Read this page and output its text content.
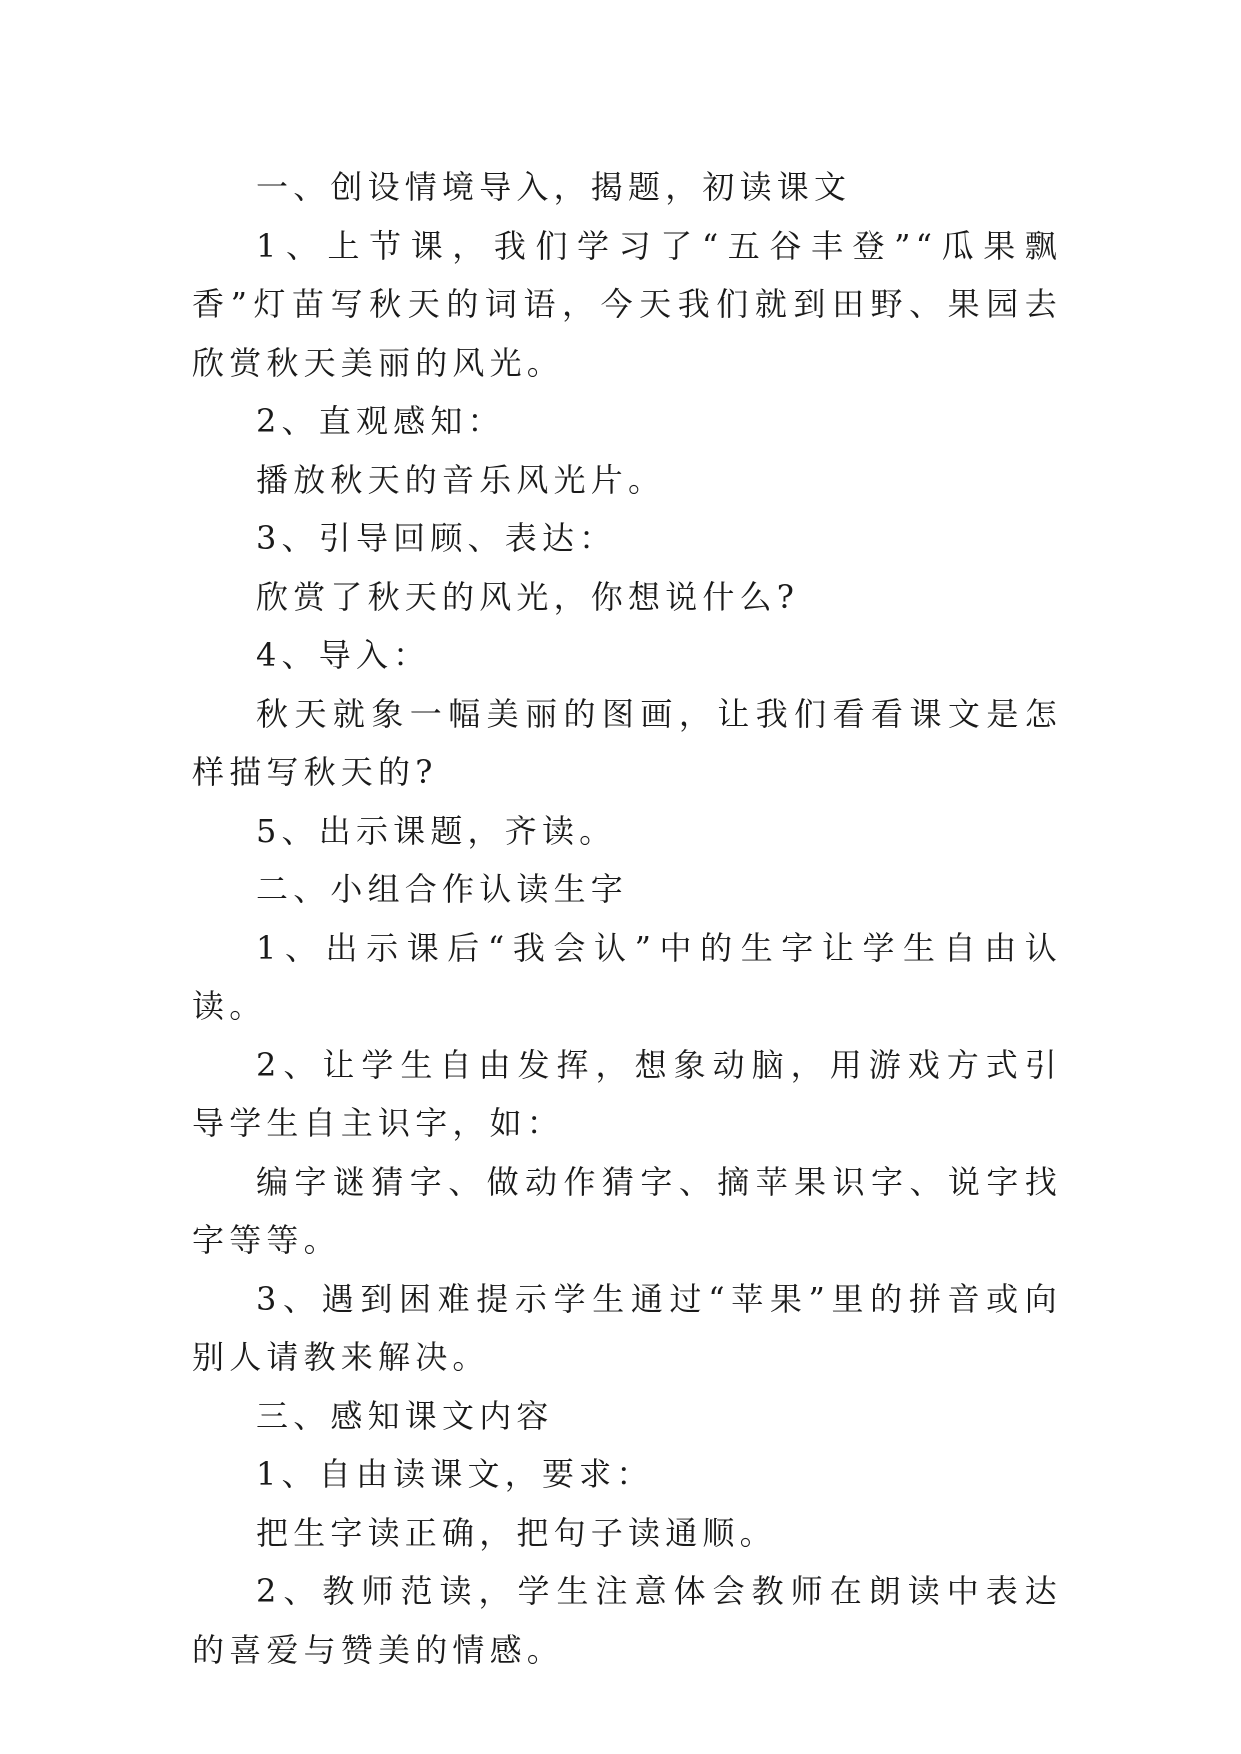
一、创设情境导入，揭题，初读课文

1、上节课，我们学习了“五谷丰登”“瓜果飘香”灯苗写秋天的词语，今天我们就到田野、果园去欣赏秋天美丽的风光。

2、直观感知：

播放秋天的音乐风光片。

3、引导回顾、表达：

欣赏了秋天的风光，你想说什么?

4、导入：

秋天就象一幅美丽的图画，让我们看看课文是怎样描写秋天的?

5、出示课题，齐读。

二、小组合作认读生字

1、出示课后“我会认”中的生字让学生自由认读。

2、让学生自由发挥，想象动脑，用游戏方式引导学生自主识字，如：

编字谜猜字、做动作猜字、摘苹果识字、说字找字等等。

3、遇到困难提示学生通过“苹果”里的拼音或向别人请教来解决。

三、感知课文内容

1、自由读课文，要求：

把生字读正确，把句子读通顺。

2、教师范读，学生注意体会教师在朗读中表达的喜爱与赞美的情感。
